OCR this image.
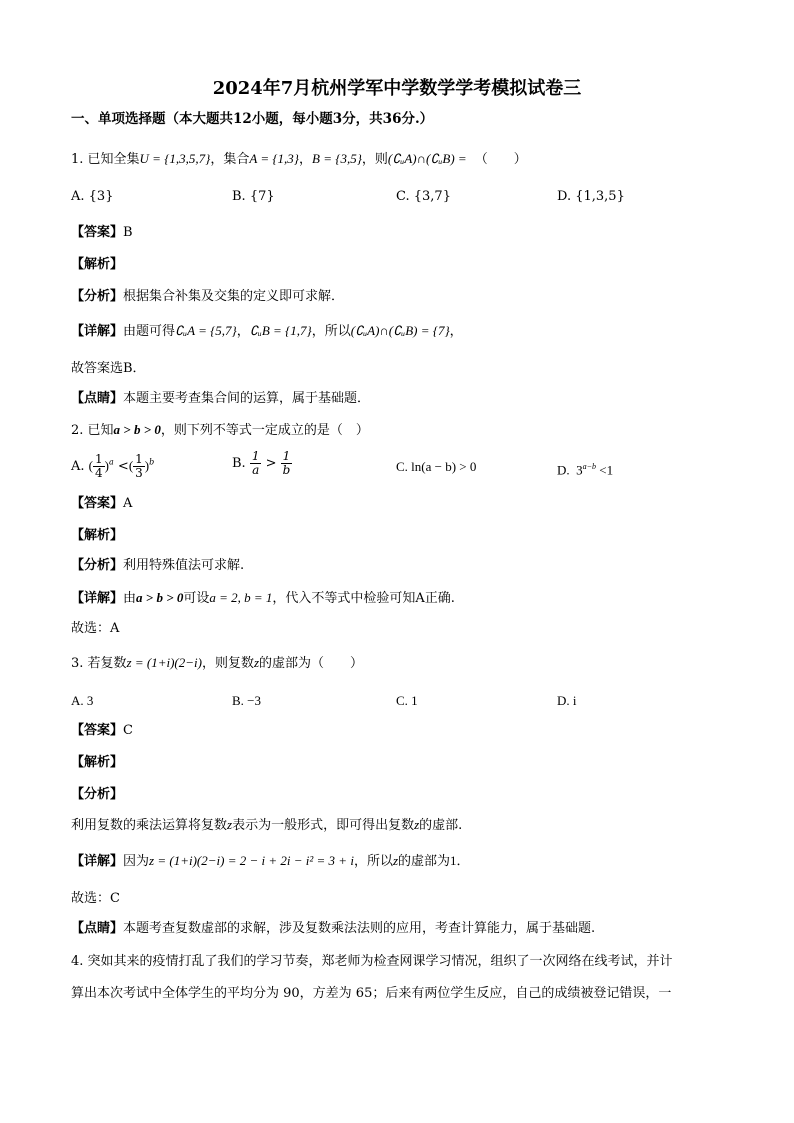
2024年7月杭州学军中学数学学考模拟试卷三
一、单项选择题（本大题共12小题，每小题3分，共36分.）
1. 已知全集U = {1,3,5,7}，集合A = {1,3}，B = {3,5}，则(∁ᵤA)∩(∁ᵤB) = （　　）
A. {3}	B. {7}	C. {3,7}	D. {1,3,5}
【答案】B
【解析】
【分析】根据集合补集及交集的定义即可求解．
【详解】由题可得∁ᵤA = {5,7}，∁ᵤB = {1,7}，所以(∁ᵤA)∩(∁ᵤB) = {7}，
故答案选B．
【点睛】本题主要考查集合间的运算，属于基础题．
2. 已知a > b > 0，则下列不等式一定成立的是（　）
A. ( $\frac{1}{4} )^a$ <( $\frac{1}{3} )^b$	B. $\frac{1}{a} > \frac{1}{b}$	C. ln(a − b) > 0	D. $3^{a-b} <1$
【答案】A
【解析】
【分析】利用特殊值法可求解.
【详解】由a > b > 0可设a = 2, b = 1，代入不等式中检验可知A正确.
故选：A
3. 若复数z = (1+i)(2−i)，则复数z的虚部为（　　）
A. 3	B. −3	C. 1	D. i
【答案】C
【解析】
【分析】
利用复数的乘法运算将复数z表示为一般形式，即可得出复数z的虚部.
【详解】因为z = (1+i)(2−i) = 2 − i + 2i − i² = 3 + i，所以z的虚部为1．
故选：C
【点睛】本题考查复数虚部的求解，涉及复数乘法法则的应用，考查计算能力，属于基础题.
4. 突如其来的疫情打乱了我们的学习节奏，郑老师为检查网课学习情况，组织了一次网络在线考试，并计
算出本次考试中全体学生的平均分为 90，方差为 65；后来有两位学生反应，自己的成绩被登记错误，一
